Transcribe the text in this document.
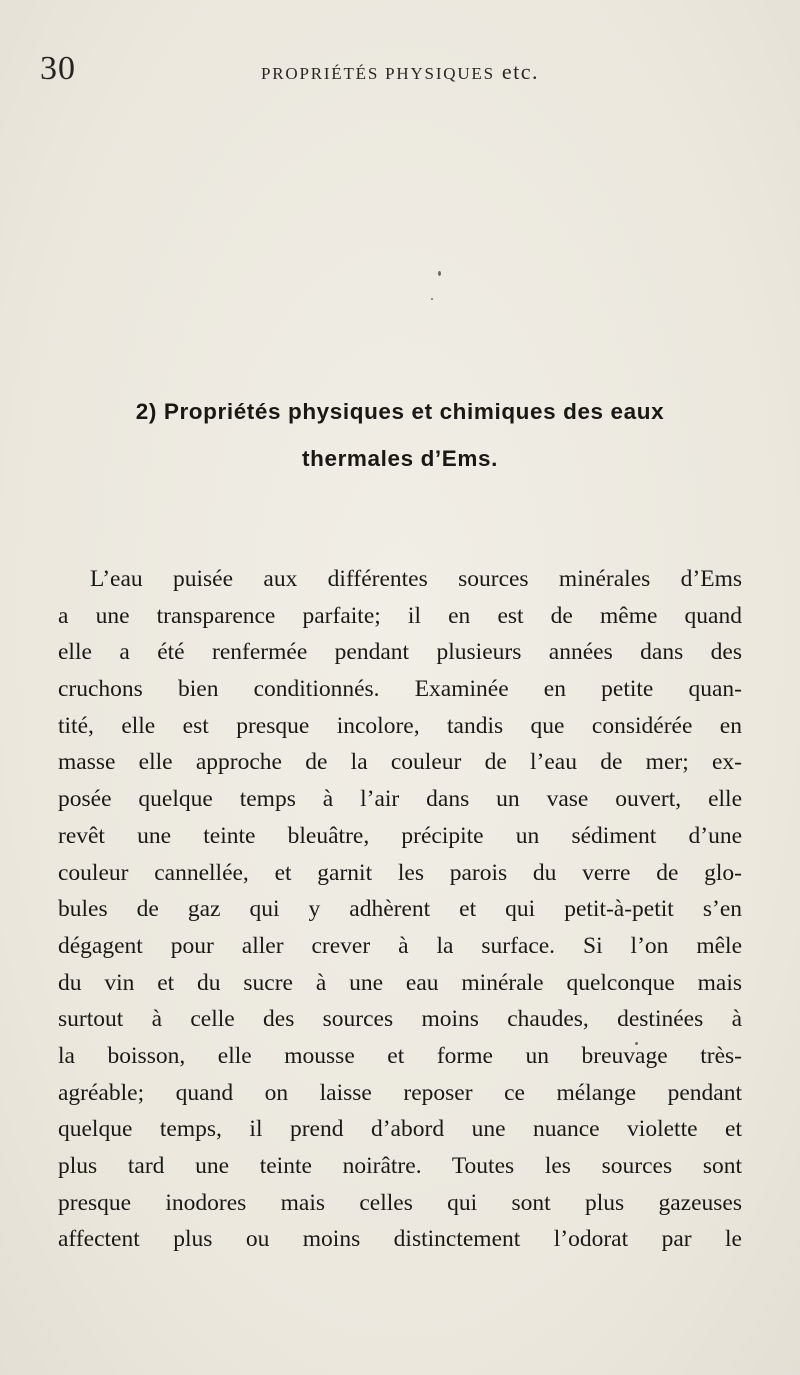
30	PROPRIÉTÉS PHYSIQUES etc.
2) Propriétés physiques et chimiques des eaux
thermales d’Ems.
L’eau puisée aux différentes sources minérales d’Ems
a une transparence parfaite; il en est de même quand
elle a été renfermée pendant plusieurs années dans des
cruchons bien conditionnés. Examinée en petite quan-
tité, elle est presque incolore, tandis que considérée en
masse elle approche de la couleur de l’eau de mer; ex-
posée quelque temps à l’air dans un vase ouvert, elle
revêt une teinte bleuâtre, précipite un sédiment d’une
couleur cannellée, et garnit les parois du verre de glo-
bules de gaz qui y adhèrent et qui petit-à-petit s’en
dégagent pour aller crever à la surface. Si l’on mêle
du vin et du sucre à une eau minérale quelconque mais
surtout à celle des sources moins chaudes, destinées à
la boisson, elle mousse et forme un breuvage très-
agréable; quand on laisse reposer ce mélange pendant
quelque temps, il prend d’abord une nuance violette et
plus tard une teinte noirâtre. Toutes les sources sont
presque inodores mais celles qui sont plus gazeuses
affectent plus ou moins distinctement l’odorat par le
